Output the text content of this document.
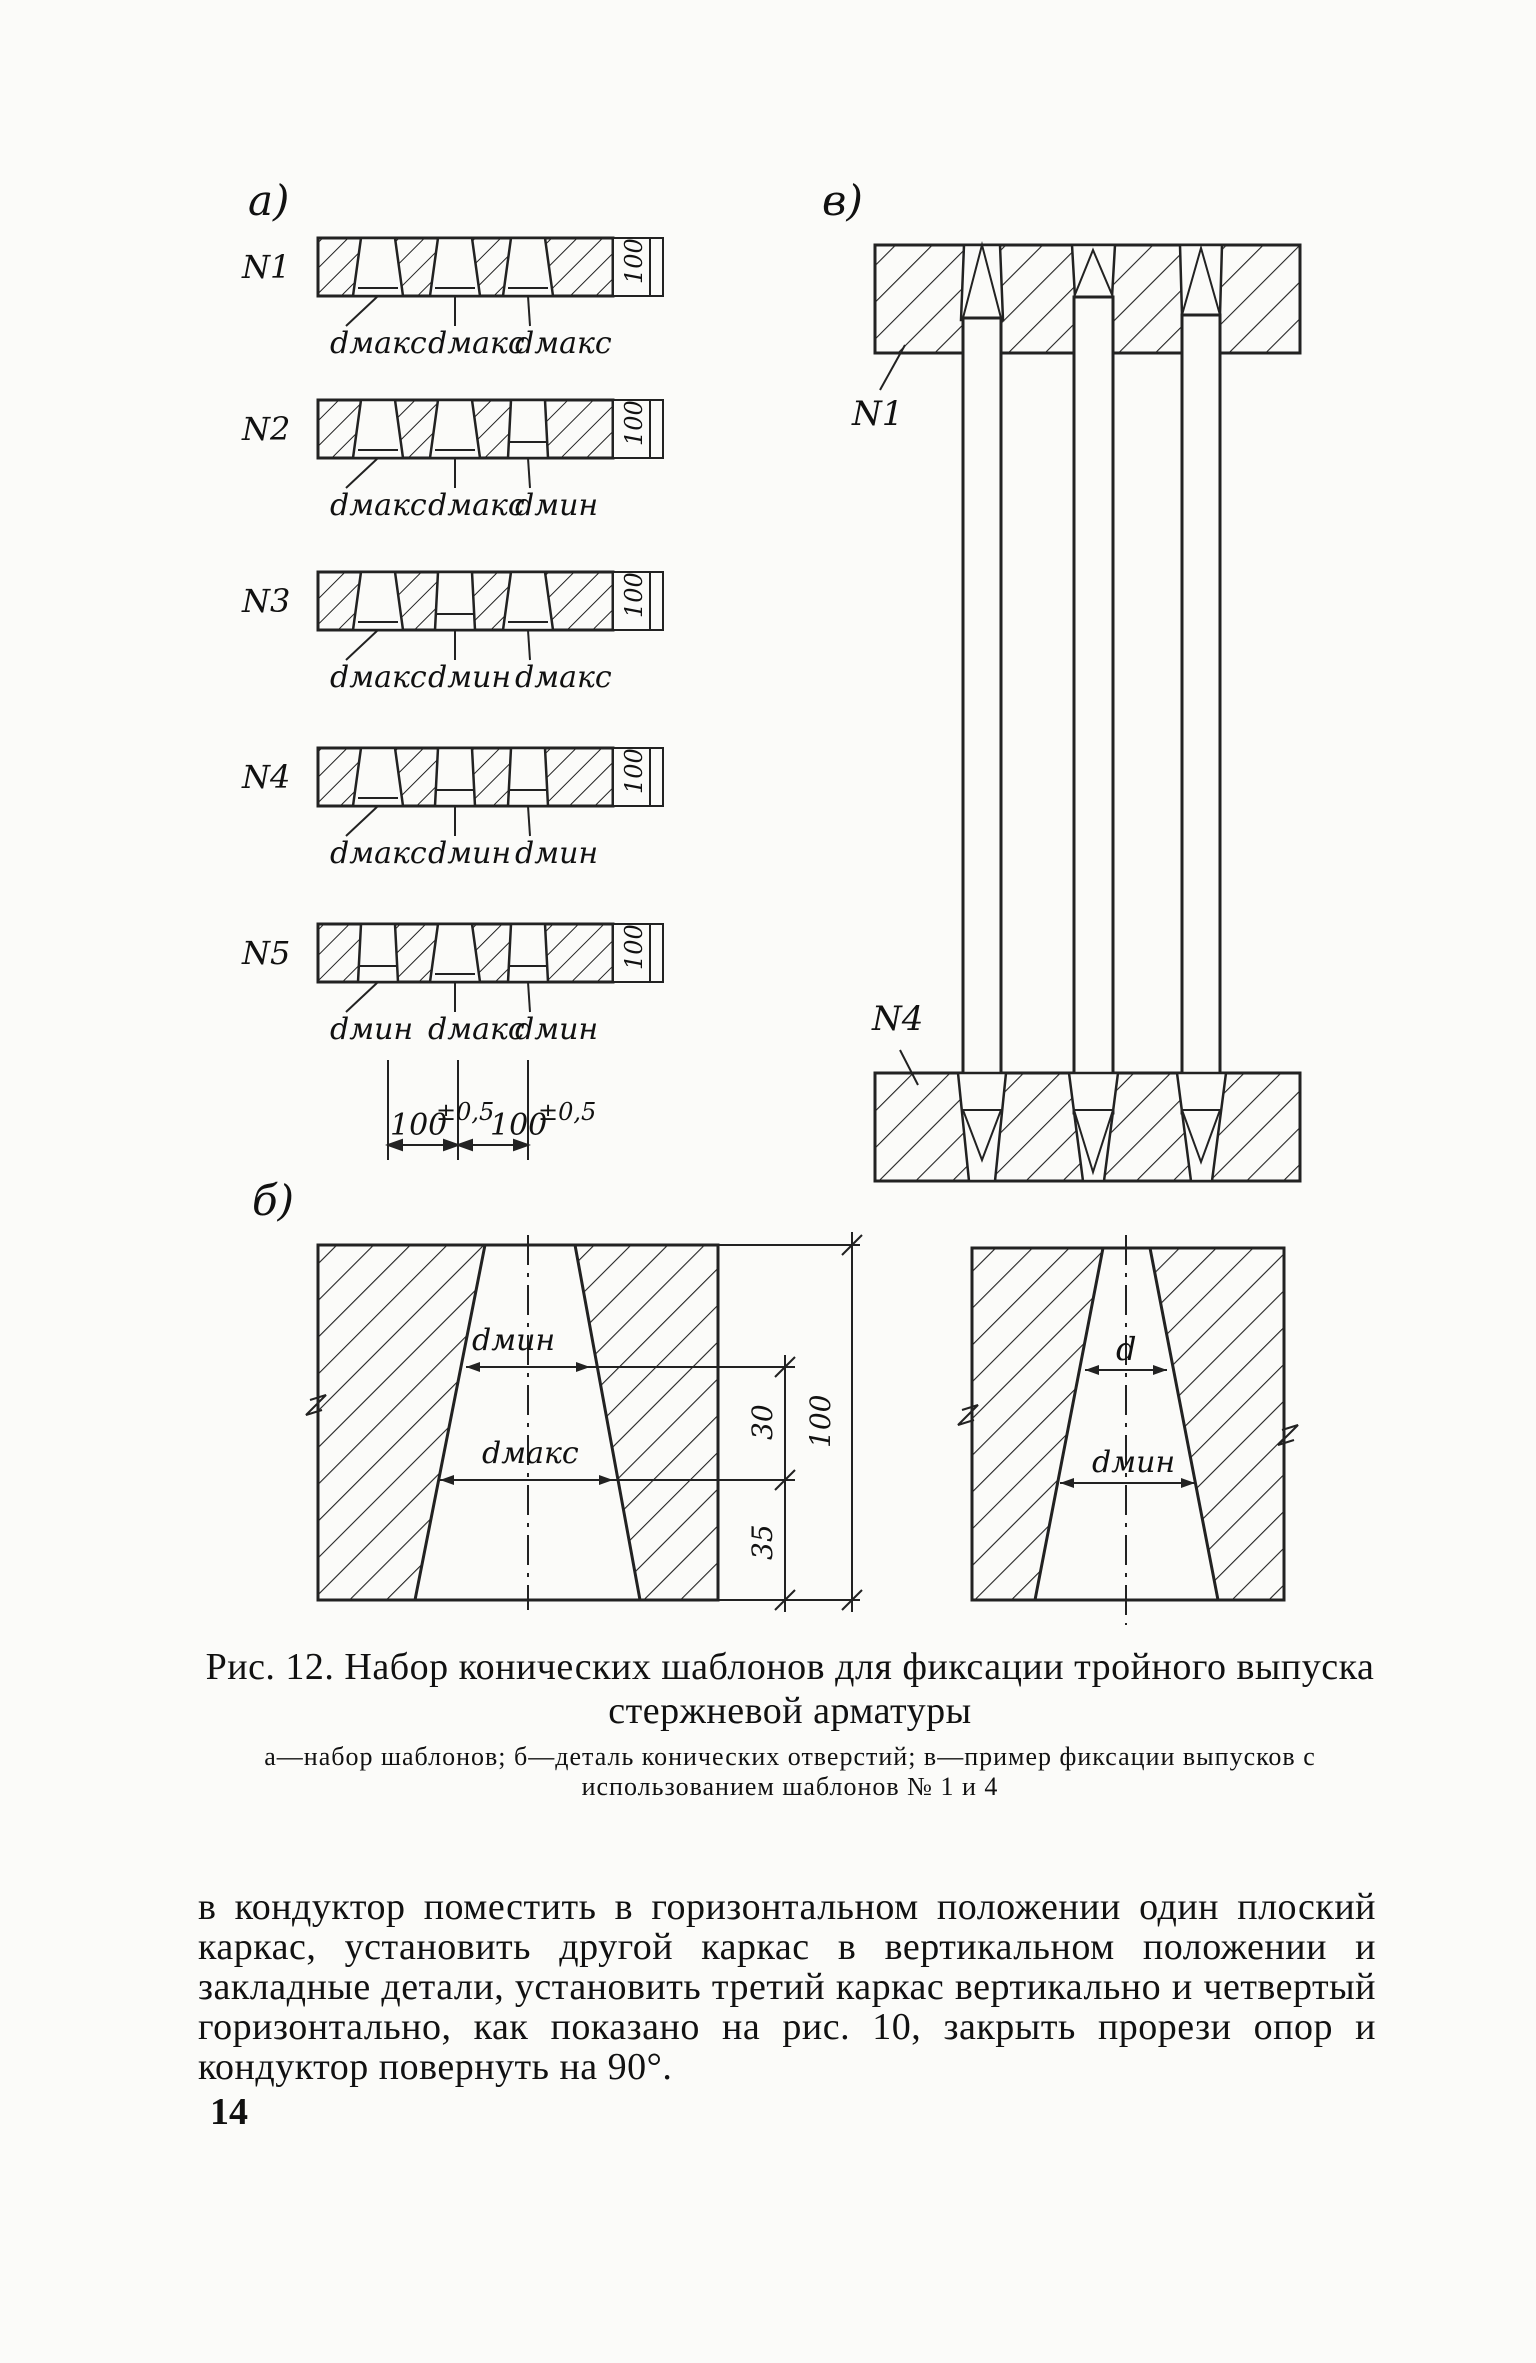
а)
N1	100
dмакс dмакс
dмакс
N2	100
dмакс dмакс
dмин
N3	100
dмакс dмин dмакс
N4	100
dмакс dмин dмин
N5	100
dмин dмакс
dмин
100
±0,5
100
±0,5
в)
N1
N4
б)
dмин
dмакс
30
35
100
d
dмин
Рис. 12. Набор конических шаблонов для фиксации тройного выпуска стержневой арматуры
а—набор шаблонов; б—деталь конических отверстий; в—пример фиксации выпусков с использованием шаблонов № 1 и 4
в кондуктор поместить в горизонтальном положении один плоский каркас, установить другой каркас в вертикальном положении и закладные детали, установить третий каркас вертикально и четвертый горизонтально, как показано на рис. 10, закрыть прорези опор и кондуктор повернуть на 90°.
14
